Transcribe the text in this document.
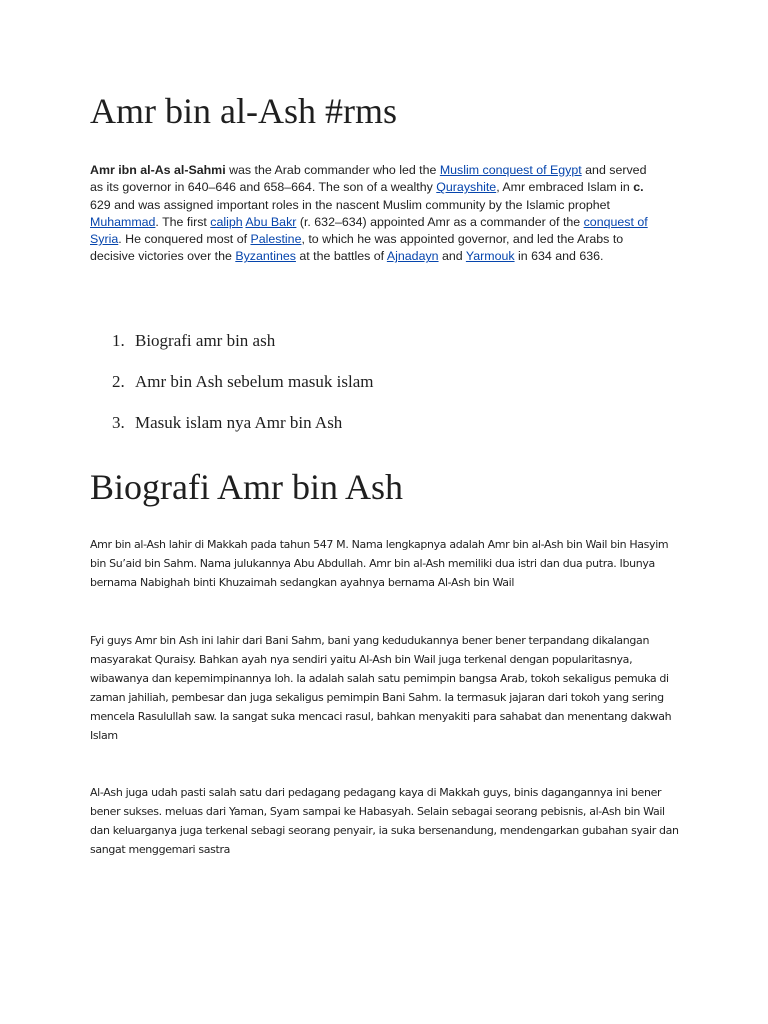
Amr bin al-Ash #rms

Amr ibn al-As al-Sahmi was the Arab commander who led the Muslim conquest of Egypt and served as its governor in 640–646 and 658–664. The son of a wealthy Qurayshite, Amr embraced Islam in c. 629 and was assigned important roles in the nascent Muslim community by the Islamic prophet Muhammad. The first caliph Abu Bakr (r. 632–634) appointed Amr as a commander of the conquest of Syria. He conquered most of Palestine, to which he was appointed governor, and led the Arabs to decisive victories over the Byzantines at the battles of Ajnadayn and Yarmouk in 634 and 636.

1. Biografi amr bin ash
2. Amr bin Ash sebelum masuk islam
3. Masuk islam nya Amr bin Ash
Biografi Amr bin Ash

Amr bin al-Ash lahir di Makkah pada tahun 547 M. Nama lengkapnya adalah Amr bin al-Ash bin Wail bin Hasyim bin Su’aid bin Sahm. Nama julukannya Abu Abdullah. Amr bin al-Ash memiliki dua istri dan dua putra. Ibunya bernama Nabighah binti Khuzaimah sedangkan ayahnya bernama Al-Ash bin Wail

Fyi guys Amr bin Ash ini lahir dari Bani Sahm, bani yang kedudukannya bener bener terpandang dikalangan masyarakat Quraisy. Bahkan ayah nya sendiri yaitu Al-Ash bin Wail juga terkenal dengan popularitasnya, wibawanya dan kepemimpinannya loh. Ia adalah salah satu pemimpin bangsa Arab, tokoh sekaligus pemuka di zaman jahiliah, pembesar dan juga sekaligus pemimpin Bani Sahm. Ia termasuk jajaran dari tokoh yang sering mencela Rasulullah saw. Ia sangat suka mencaci rasul, bahkan menyakiti para sahabat dan menentang dakwah Islam

Al-Ash juga udah pasti salah satu dari pedagang pedagang kaya di Makkah guys, binis dagangannya ini bener bener sukses. meluas dari Yaman, Syam sampai ke Habasyah. Selain sebagai seorang pebisnis, al-Ash bin Wail dan keluarganya juga terkenal sebagi seorang penyair, ia suka bersenandung, mendengarkan gubahan syair dan sangat menggemari sastra
